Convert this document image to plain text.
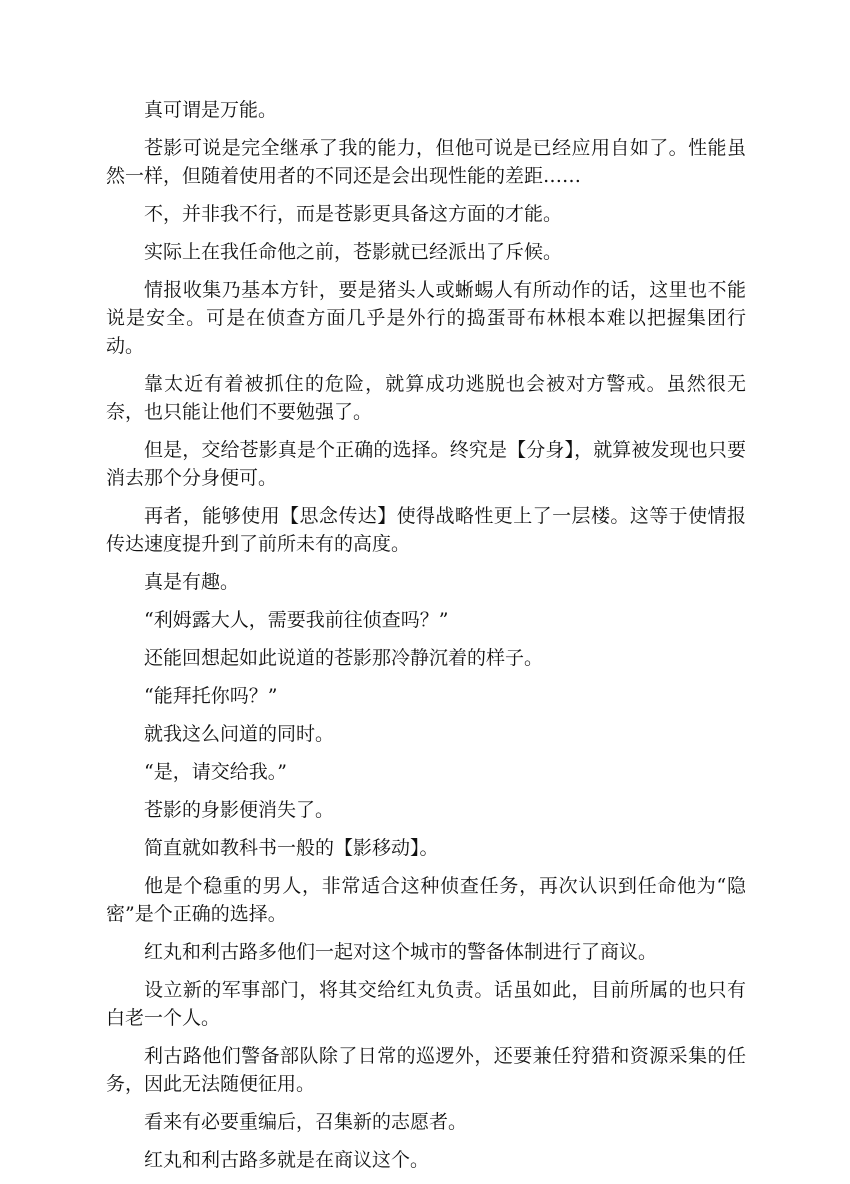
真可谓是万能。

苍影可说是完全继承了我的能力，但他可说是已经应用自如了。性能虽然一样，但随着使用者的不同还是会出现性能的差距……

不，并非我不行，而是苍影更具备这方面的才能。

实际上在我任命他之前，苍影就已经派出了斥候。

情报收集乃基本方针，要是猪头人或蜥蜴人有所动作的话，这里也不能说是安全。可是在侦查方面几乎是外行的捣蛋哥布林根本难以把握集团行动。

靠太近有着被抓住的危险，就算成功逃脱也会被对方警戒。虽然很无奈，也只能让他们不要勉强了。

但是，交给苍影真是个正确的选择。终究是【分身】，就算被发现也只要消去那个分身便可。

再者，能够使用【思念传达】使得战略性更上了一层楼。这等于使情报传达速度提升到了前所未有的高度。

真是有趣。

“利姆露大人，需要我前往侦查吗？”

还能回想起如此说道的苍影那冷静沉着的样子。

“能拜托你吗？”

就我这么问道的同时。

“是，请交给我。”

苍影的身影便消失了。

简直就如教科书一般的【影移动】。

他是个稳重的男人，非常适合这种侦查任务，再次认识到任命他为“隐密”是个正确的选择。

红丸和利古路多他们一起对这个城市的警备体制进行了商议。

设立新的军事部门，将其交给红丸负责。话虽如此，目前所属的也只有白老一个人。

利古路他们警备部队除了日常的巡逻外，还要兼任狩猎和资源采集的任务，因此无法随便征用。

看来有必要重编后，召集新的志愿者。

红丸和利古路多就是在商议这个。
